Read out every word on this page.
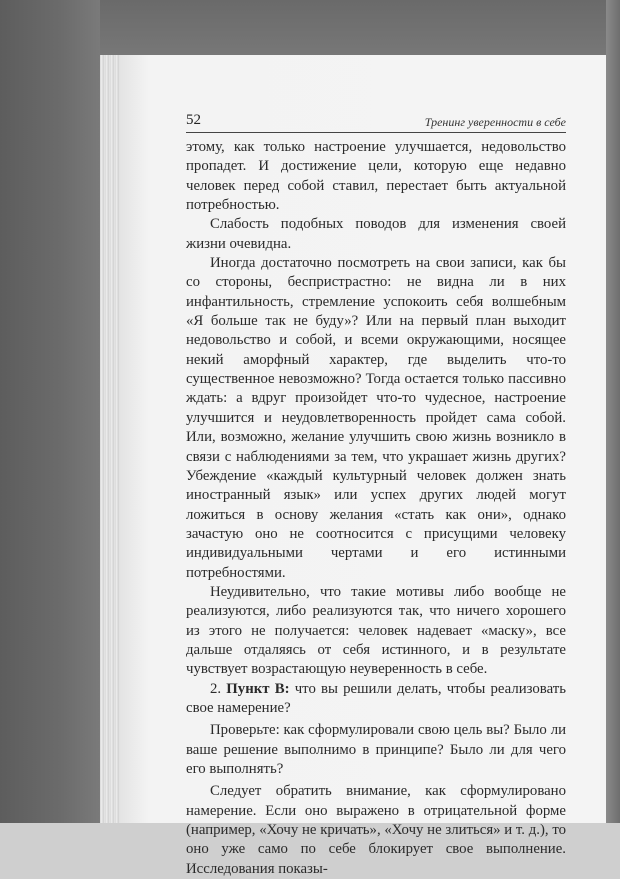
52	Тренинг уверенности в себе

этому, как только настроение улучшается, недовольство пропадет. И достижение цели, которую еще недавно человек перед собой ставил, перестает быть актуальной потребностью.

Слабость подобных поводов для изменения своей жизни очевидна.

Иногда достаточно посмотреть на свои записи, как бы со стороны, беспристрастно: не видна ли в них инфантильность, стремление успокоить себя волшебным «Я больше так не буду»? Или на первый план выходит недовольство и собой, и всеми окружающими, носящее некий аморфный характер, где выделить что-то существенное невозможно? Тогда остается только пассивно ждать: а вдруг произойдет что-то чудесное, настроение улучшится и неудовлетворенность пройдет сама собой. Или, возможно, желание улучшить свою жизнь возникло в связи с наблюдениями за тем, что украшает жизнь других? Убеждение «каждый культурный человек должен знать иностранный язык» или успех других людей могут ложиться в основу желания «стать как они», однако зачастую оно не соотносится с присущими человеку индивидуальными чертами и его истинными потребностями.

Неудивительно, что такие мотивы либо вообще не реализуются, либо реализуются так, что ничего хорошего из этого не получается: человек надевает «маску», все дальше отдаляясь от себя истинного, и в результате чувствует возрастающую неуверенность в себе.

2. Пункт В: что вы решили делать, чтобы реализовать свое намерение?

Проверьте: как сформулировали свою цель вы? Было ли ваше решение выполнимо в принципе? Было ли для чего его выполнять?

Следует обратить внимание, как сформулировано намерение. Если оно выражено в отрицательной форме (например, «Хочу не кричать», «Хочу не злиться» и т. д.), то оно уже само по себе блокирует свое выполнение. Исследования показы-
